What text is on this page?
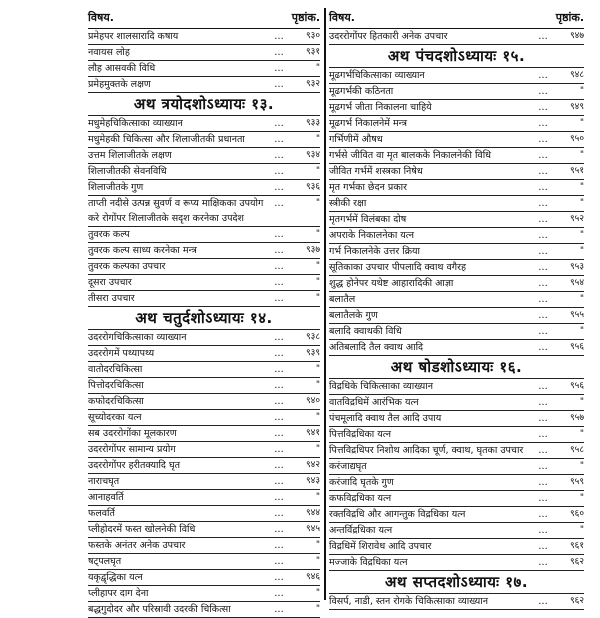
विषय.	पृष्ठांक.
प्रमेहपर शालसारादि कषाय	…	९३०
नवायस लोह	…	९३१
लौह आसवकी विधि	…	"
प्रमेहमुक्तके लक्षण	…	९३२
अथ त्रयोदशोऽध्यायः १३.
मधुमेहचिकित्साका व्याख्यान	…	९३३
मधुमेहकी चिकित्सा और शिलाजीतकी प्रधानता	…	"
उत्तम शिलाजीतके लक्षण	…	९३४
शिलाजीतकी सेवनविधि	…	"
शिलाजीतके गुण	…	९३६
ताप्ती नदीसे उत्पन्न सुवर्ण व रूप्य माक्षिकका उपयोग करे रोगोंपर शिलाजीतके सदृश करनेका उपदेश
…	"
तुवरक कल्प	…	"
तुवरक कल्प साध्य करनेका मन्त्र	…	९३७
तुवरक कल्पका उपचार	…	"
दूसरा उपचार	…	"
तीसरा उपचार	…	"
अथ चतुर्दशोऽध्यायः १४.
उदररोगचिकित्साका व्याख्यान	…	९३८
उदररोगमें पथ्यापथ्य	…	९३९
वातोदरचिकित्सा	…	"
पित्तोदरचिकित्सा	…	"
कफोदरचिकित्सा	…	९४०
सूच्योदरका यत्न	…	"
सब उदररोगोंका मूलकारण	…	९४१
उदररोगोंपर सामान्य प्रयोग	…	"
उदररोगोंपर हरीतक्यादि घृत	…	९४२
नाराचघृत	…	९४३
आनाहवर्ति	…	"
फलवर्ति	…	९४४
प्लीहोदरमें फस्त खोलनेकी विधि	…	९४५
फस्तके अनंतर अनेक उपचार	…	"
षट्पलघृत	…	"
यकृद्वृद्धिका यत्न	…	९४६
प्लीहापर दाग देना	…	"
बद्धगुदोदर और परिस्रावी उदरकी चिकित्सा	…	"
विषय.	पृष्ठांक.
उदररोगोंपर हितकारी अनेक उपचार	…	९४७
अथ पंचदशोऽध्यायः १५.
मूढगर्भचिकित्साका व्याख्यान	…	९४८
मूढगर्भकी कठिनता	…	"
मूढगर्भ जीता निकालना चाहिये	…	९४९
मूढगर्भ निकालनेमें मन्त्र	…	"
गर्भिणीमें औषध	…	९५०
गर्भसे जीवित वा मृत बालकके निकालनेकी विधि	…	"
जीवित गर्भमें शस्त्रका निषेध	…	९५१
मृत गर्भका छेदन प्रकार	…	"
स्त्रीकी रक्षा	…	"
मृतगर्भमें विलंबका दोष	…	९५२
अपराके निकालनेका यत्न	…	"
गर्भ निकालनेके उत्तर क्रिया	…	"
सूतिकाका उपचार पीपलादि क्वाथ वगैरह	…	९५३
शुद्ध होनेपर यथेष्ट आहारादिकी आज्ञा	…	९५४
बलातैल	…	"
बलातैलके गुण	…	९५५
बलादि क्वाथकी विधि	…	"
अतिबलादि तैल क्वाथ आदि	…	९५६
अथ षोडशोऽध्यायः १६.
विद्रधिके चिकित्साका व्याख्यान	…	९५६
वातविद्रधिमें आरंभिक यत्न	…	"
पंचमूलादि क्वाथ तैल आदि उपाय	…	९५७
पित्तविद्रधिका यत्न	…	"
पित्तविद्रधिपर निशोथ आदिका चूर्ण, क्वाथ, घृतका उपचार	…	९५८
करंजाद्यघृत	…	"
करंजादि घृतके गुण	…	९५९
कफविद्रधिका यत्न	…	"
रक्तविद्रधि और आगन्तुक विद्रधिका यत्न	…	९६०
अन्तर्विद्रधिका यत्न	…	"
विद्रधिमें शिरावेध आदि उपचार	…	९६१
मज्जाके विद्रधिका यत्न	…	९६२
अथ सप्तदशोऽध्यायः १७.
विसर्प, नाडी, स्तन रोगके चिकित्साका व्याख्यान	…	९६२
